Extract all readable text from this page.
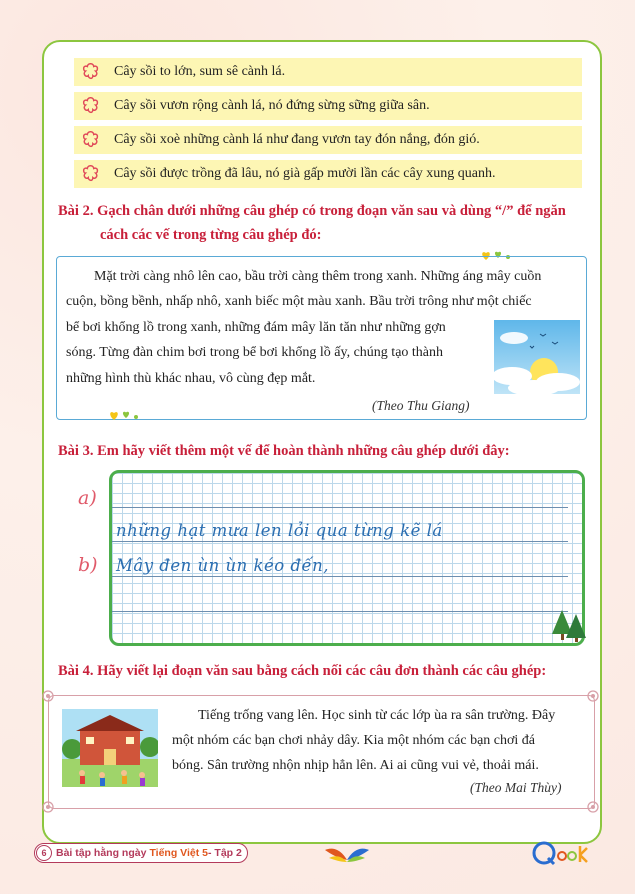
Cây sồi to lớn, sum sê cành lá.
Cây sồi vươn rộng cành lá, nó đứng sừng sững giữa sân.
Cây sồi xoè những cành lá như đang vươn tay đón nắng, đón gió.
Cây sồi được trồng đã lâu, nó già gấp mười lần các cây xung quanh.
Bài 2. Gạch chân dưới những câu ghép có trong đoạn văn sau và dùng “/” để ngăn
cách các vế trong từng câu ghép đó:
Mặt trời càng nhô lên cao, bầu trời càng thêm trong xanh. Những áng mây cuồn
cuộn, bồng bềnh, nhấp nhô, xanh biếc một màu xanh. Bầu trời trông như một chiếc
bể bơi khổng lồ trong xanh, những đám mây lăn tăn như những gợn
sóng. Từng đàn chim bơi trong bể bơi khổng lồ ấy, chúng tạo thành
những hình thù khác nhau, vô cùng đẹp mắt.
(Theo Thu Giang)
Bài 3. Em hãy viết thêm một vế để hoàn thành những câu ghép dưới đây:
a)
b)
những hạt mưa len lỏi qua từng kẽ lá
Mây đen ùn ùn kéo đến,
Bài 4. Hãy viết lại đoạn văn sau bằng cách nối các câu đơn thành các câu ghép:
Tiếng trống vang lên. Học sinh từ các lớp ùa ra sân trường. Đây
một nhóm các bạn chơi nhảy dây. Kia một nhóm các bạn chơi đá
bóng. Sân trường nhộn nhịp hẳn lên. Ai ai cũng vui vẻ, thoải mái.
(Theo Mai Thùy)
6 Bài tập hằng ngày Tiếng Việt 5 - Tập 2
